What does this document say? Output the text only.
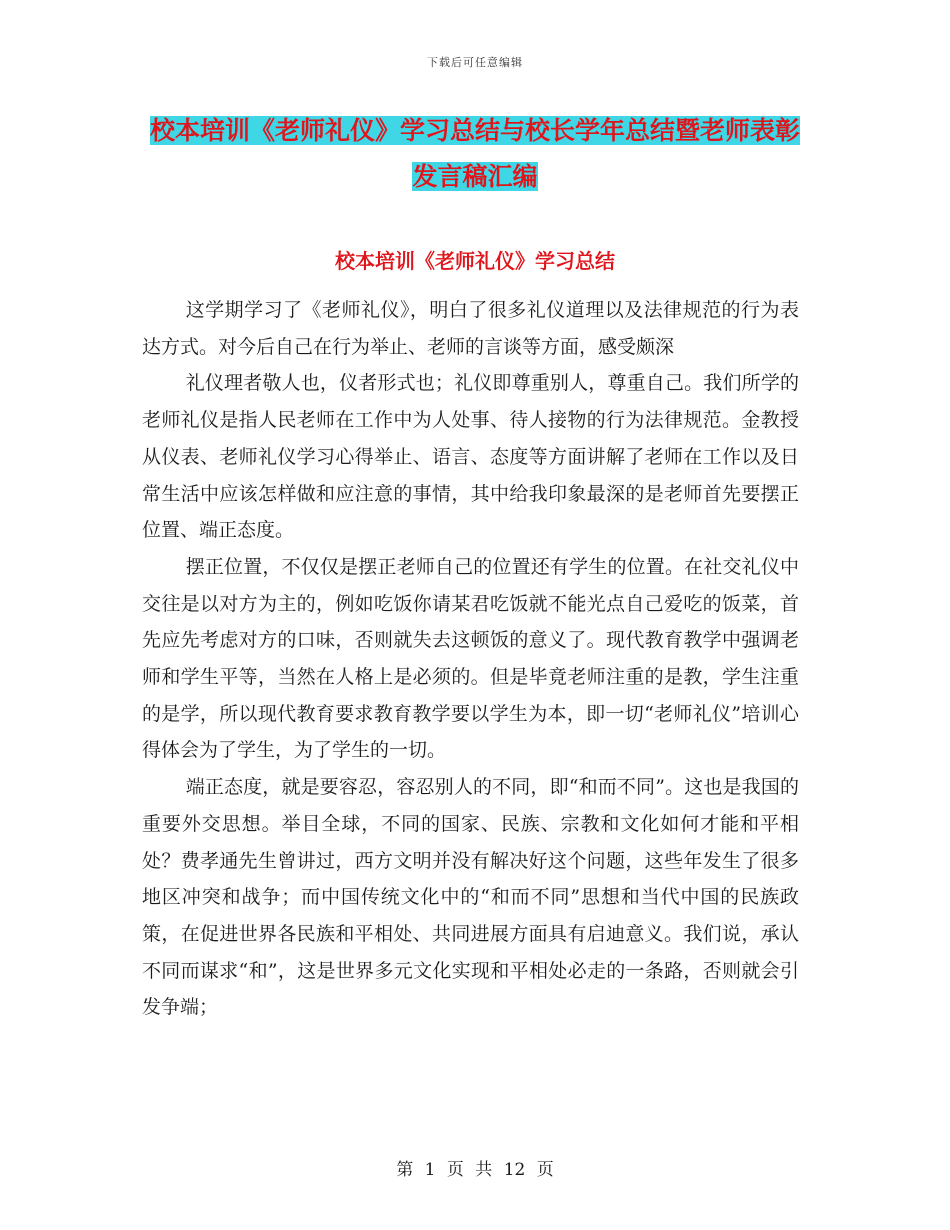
下载后可任意编辑
校本培训《老师礼仪》学习总结与校长学年总结暨老师表彰发言稿汇编
校本培训《老师礼仪》学习总结

这学期学习了《老师礼仪》，明白了很多礼仪道理以及法律规范的行为表达方式。对今后自己在行为举止、老师的言谈等方面，感受颇深

礼仪理者敬人也，仪者形式也；礼仪即尊重别人，尊重自己。我们所学的老师礼仪是指人民老师在工作中为人处事、待人接物的行为法律规范。金教授从仪表、老师礼仪学习心得举止、语言、态度等方面讲解了老师在工作以及日常生活中应该怎样做和应注意的事情，其中给我印象最深的是老师首先要摆正位置、端正态度。

摆正位置，不仅仅是摆正老师自己的位置还有学生的位置。在社交礼仪中交往是以对方为主的，例如吃饭你请某君吃饭就不能光点自己爱吃的饭菜，首先应先考虑对方的口味，否则就失去这顿饭的意义了。现代教育教学中强调老师和学生平等，当然在人格上是必须的。但是毕竟老师注重的是教，学生注重的是学，所以现代教育要求教育教学要以学生为本，即一切“老师礼仪”培训心得体会为了学生，为了学生的一切。

端正态度，就是要容忍，容忍别人的不同，即“和而不同”。这也是我国的重要外交思想。举目全球，不同的国家、民族、宗教和文化如何才能和平相处？费孝通先生曾讲过，西方文明并没有解决好这个问题，这些年发生了很多地区冲突和战争；而中国传统文化中的“和而不同”思想和当代中国的民族政策，在促进世界各民族和平相处、共同进展方面具有启迪意义。我们说，承认不同而谋求“和”，这是世界多元文化实现和平相处必走的一条路，否则就会引发争端；

第 1 页 共 12 页
